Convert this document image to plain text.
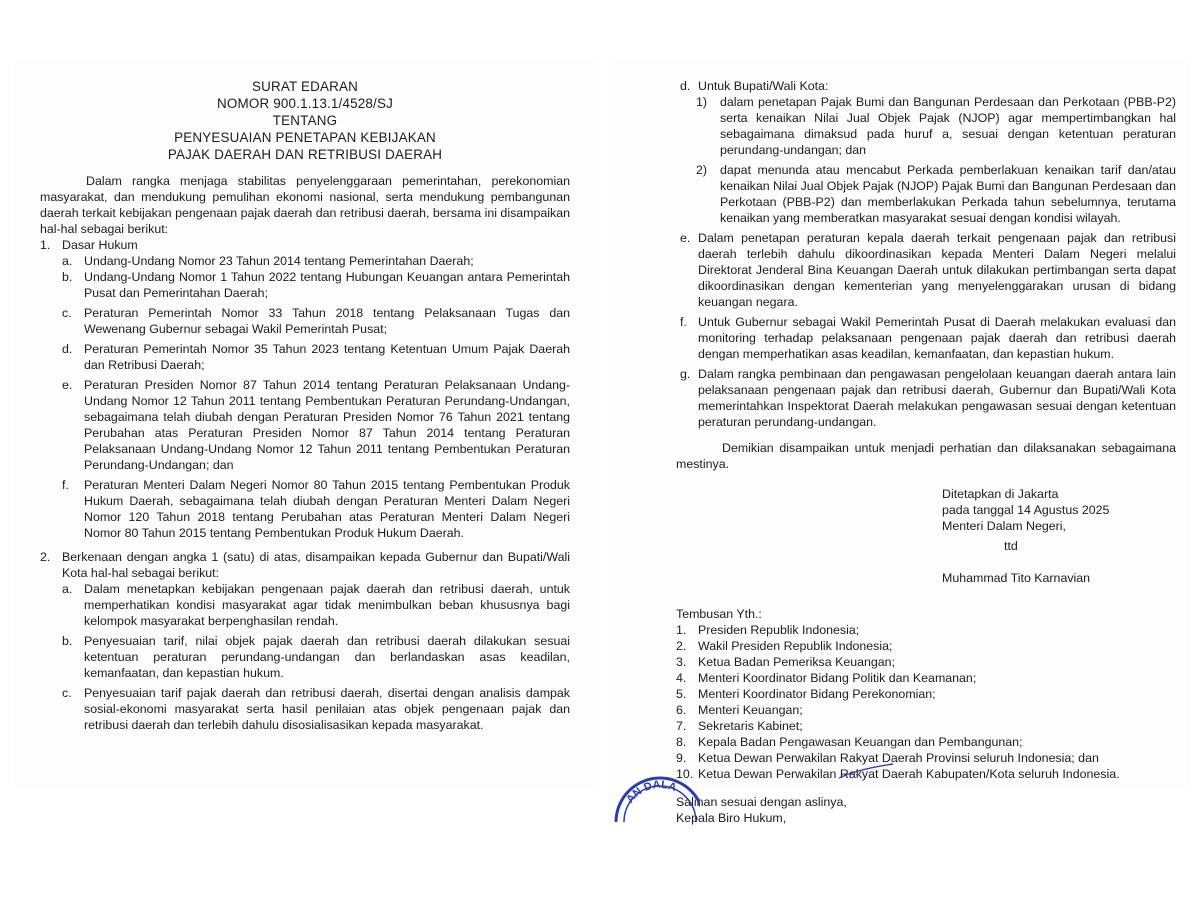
SURAT EDARAN
NOMOR 900.1.13.1/4528/SJ
TENTANG
PENYESUAIAN PENETAPAN KEBIJAKAN
PAJAK DAERAH DAN RETRIBUSI DAERAH
Dalam rangka menjaga stabilitas penyelenggaraan pemerintahan, perekonomian masyarakat, dan mendukung pemulihan ekonomi nasional, serta mendukung pembangunan daerah terkait kebijakan pengenaan pajak daerah dan retribusi daerah, bersama ini disampaikan hal-hal sebagai berikut:
1. Dasar Hukum
a. Undang-Undang Nomor 23 Tahun 2014 tentang Pemerintahan Daerah;
b. Undang-Undang Nomor 1 Tahun 2022 tentang Hubungan Keuangan antara Pemerintah Pusat dan Pemerintahan Daerah;
c. Peraturan Pemerintah Nomor 33 Tahun 2018 tentang Pelaksanaan Tugas dan Wewenang Gubernur sebagai Wakil Pemerintah Pusat;
d. Peraturan Pemerintah Nomor 35 Tahun 2023 tentang Ketentuan Umum Pajak Daerah dan Retribusi Daerah;
e. Peraturan Presiden Nomor 87 Tahun 2014 tentang Peraturan Pelaksanaan Undang-Undang Nomor 12 Tahun 2011 tentang Pembentukan Peraturan Perundang-Undangan, sebagaimana telah diubah dengan Peraturan Presiden Nomor 76 Tahun 2021 tentang Perubahan atas Peraturan Presiden Nomor 87 Tahun 2014 tentang Peraturan Pelaksanaan Undang-Undang Nomor 12 Tahun 2011 tentang Pembentukan Peraturan Perundang-Undangan; dan
f. Peraturan Menteri Dalam Negeri Nomor 80 Tahun 2015 tentang Pembentukan Produk Hukum Daerah, sebagaimana telah diubah dengan Peraturan Menteri Dalam Negeri Nomor 120 Tahun 2018 tentang Perubahan atas Peraturan Menteri Dalam Negeri Nomor 80 Tahun 2015 tentang Pembentukan Produk Hukum Daerah.
2. Berkenaan dengan angka 1 (satu) di atas, disampaikan kepada Gubernur dan Bupati/Wali Kota hal-hal sebagai berikut:
a. Dalam menetapkan kebijakan pengenaan pajak daerah dan retribusi daerah, untuk memperhatikan kondisi masyarakat agar tidak menimbulkan beban khususnya bagi kelompok masyarakat berpenghasilan rendah.
b. Penyesuaian tarif, nilai objek pajak daerah dan retribusi daerah dilakukan sesuai ketentuan peraturan perundang-undangan dan berlandaskan asas keadilan, kemanfaatan, dan kepastian hukum.
c. Penyesuaian tarif pajak daerah dan retribusi daerah, disertai dengan analisis dampak sosial-ekonomi masyarakat serta hasil penilaian atas objek pengenaan pajak dan retribusi daerah dan terlebih dahulu disosialisasikan kepada masyarakat.
d. Untuk Bupati/Wali Kota:
1) dalam penetapan Pajak Bumi dan Bangunan Perdesaan dan Perkotaan (PBB-P2) serta kenaikan Nilai Jual Objek Pajak (NJOP) agar mempertimbangkan hal sebagaimana dimaksud pada huruf a, sesuai dengan ketentuan peraturan perundang-undangan; dan
2) dapat menunda atau mencabut Perkada pemberlakuan kenaikan tarif dan/atau kenaikan Nilai Jual Objek Pajak (NJOP) Pajak Bumi dan Bangunan Perdesaan dan Perkotaan (PBB-P2) dan memberlakukan Perkada tahun sebelumnya, terutama kenaikan yang memberatkan masyarakat sesuai dengan kondisi wilayah.
e. Dalam penetapan peraturan kepala daerah terkait pengenaan pajak dan retribusi daerah terlebih dahulu dikoordinasikan kepada Menteri Dalam Negeri melalui Direktorat Jenderal Bina Keuangan Daerah untuk dilakukan pertimbangan serta dapat dikoordinasikan dengan kementerian yang menyelenggarakan urusan di bidang keuangan negara.
f. Untuk Gubernur sebagai Wakil Pemerintah Pusat di Daerah melakukan evaluasi dan monitoring terhadap pelaksanaan pengenaan pajak daerah dan retribusi daerah dengan memperhatikan asas keadilan, kemanfaatan, dan kepastian hukum.
g. Dalam rangka pembinaan dan pengawasan pengelolaan keuangan daerah antara lain pelaksanaan pengenaan pajak dan retribusi daerah, Gubernur dan Bupati/Wali Kota memerintahkan Inspektorat Daerah melakukan pengawasan sesuai dengan ketentuan peraturan perundang-undangan.
Demikian disampaikan untuk menjadi perhatian dan dilaksanakan sebagaimana mestinya.
Ditetapkan di Jakarta
pada tanggal 14 Agustus 2025
Menteri Dalam Negeri,
ttd
Muhammad Tito Karnavian
Tembusan Yth.:
1. Presiden Republik Indonesia;
2. Wakil Presiden Republik Indonesia;
3. Ketua Badan Pemeriksa Keuangan;
4. Menteri Koordinator Bidang Politik dan Keamanan;
5. Menteri Koordinator Bidang Perekonomian;
6. Menteri Keuangan;
7. Sekretaris Kabinet;
8. Kepala Badan Pengawasan Keuangan dan Pembangunan;
9. Ketua Dewan Perwakilan Rakyat Daerah Provinsi seluruh Indonesia; dan
10. Ketua Dewan Perwakilan Rakyat Daerah Kabupaten/Kota seluruh Indonesia.
Salinan sesuai dengan aslinya,
Kepala Biro Hukum,
AN DALA
